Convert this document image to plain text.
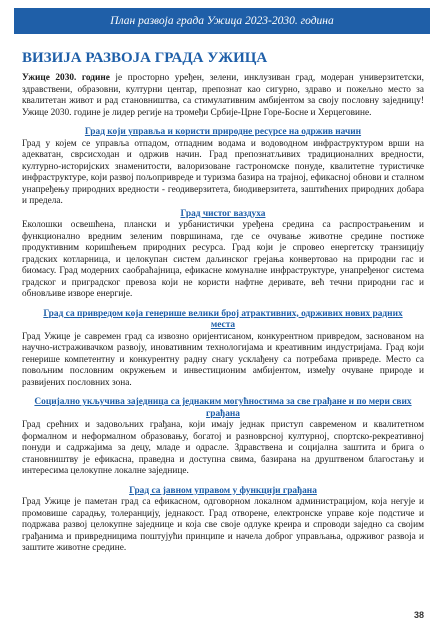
План развоја града Ужица 2023-2030. година
ВИЗИЈА РАЗВОЈА ГРАДА УЖИЦА

Ужице 2030. године је просторно уређен, зелени, инклузиван град, модеран универзитетски, здравствени, образовни, културни центар, препознат као сигурно, здраво и пожељно место за квалитетан живот и рад становништва, са стимулативним амбијентом за своју пословну заједницу! Ужице 2030. године је лидер регије на тромеђи Србије-Црне Горе-Босне и Херцеговине.

Град који управља и користи природне ресурсе на одржив начин

Град у којем се управља отпадом, отпадним водама и водоводном инфраструктуром врши на адекватан, сврсисходан и одржив начин. Град препознатљивих традиционалних вредности, културно-историјских знаменитости, валоризоване гастрономске понуде, квалитетне туристичке инфраструктуре, који развој пољопривреде и туризма базира на трајној, ефикасној обнови и сталном унапређењу природних вредности - геодиверзитета, биодиверзитета, заштићених природних добара и предела.

Град чистог ваздуха

Еколошки освешћена, плански и урбанистички уређена средина са распрострањеним и функционално вредним зеленим површинама, где се очување животне средине постиже продуктивним коришћењем природних ресурса. Град који је спровео енергетску транзицију градских котларница, и целокупан систем даљинског грејања конвертовао на природни гас и биомасу. Град модерних саобраћајница, ефикасне комуналне инфраструктуре, унапређеног система градског и приградског превоза који не користи нафтне деривате, већ течни природни гас и обновљиве изворе енергије.

Град са привредом која генерише велики број атрактивних, одрживих нових радних места

Град Ужице је савремен град са извозно оријентисаном, конкурентном привредом, заснованом на научно-истраживачком развоју, иновативним технологијама и креативним индустријама. Град који генерише компетентну и конкурентну радну снагу усклађену са потребама привреде. Место са повољним пословним окружењем и инвестиционим амбијентом, између очуване природе и развијених пословних зона.

Социјално укључива заједница са једнаким могућностима за све грађане и по мери свих грађана

Град срећних и задовољних грађана, који имају једнак приступ савременом и квалитетном формалном и неформалном образовању, богатој и разноврсној културној, спортско-рекреативној понуди и садржајима за децу, младе и одрасле. Здравствена и социјална заштита и брига о становништву је ефикасна, праведна и доступна свима, базирана на друштвеном благостању и интересима целокупне локалне заједнице.

Град са јавном управом у функцији грађана

Град Ужице је паметан град са ефикасном, одговорном локалном администрацијом, која негује и промовише сарадњу, толеранцију, једнакост. Град отворене, електронске управе које подстиче и подржава развој целокупне заједнице и која све своје одлуке креира и спроводи заједно са својим грађанима и привредницима поштујући принципе и начела доброг управљања, одрживог развоја и заштите животне средине.

38
